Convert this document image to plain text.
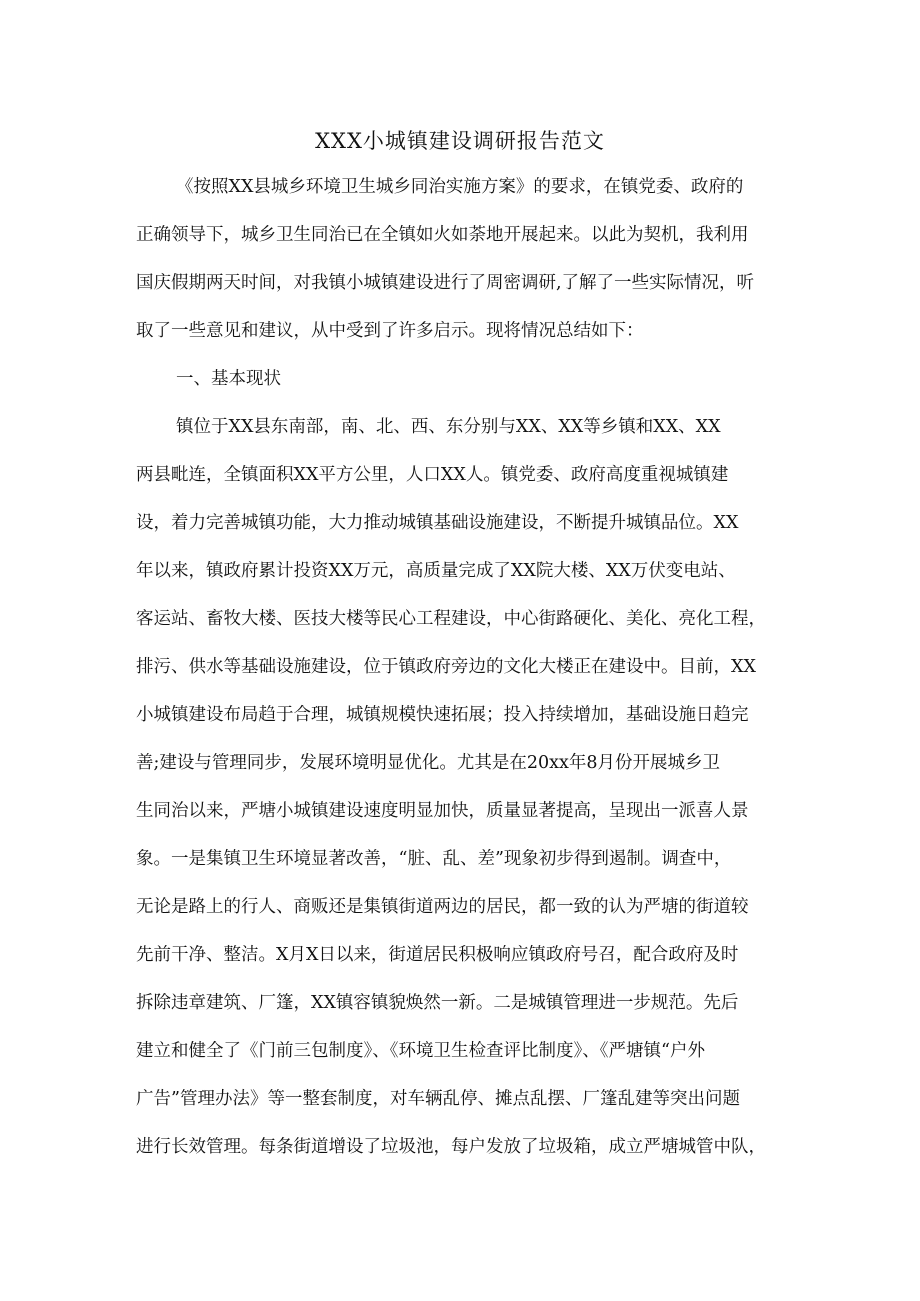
XXX小城镇建设调研报告范文
《按照XX县城乡环境卫生城乡同治实施方案》的要求，在镇党委、政府的
正确领导下，城乡卫生同治已在全镇如火如荼地开展起来。以此为契机，我利用
国庆假期两天时间，对我镇小城镇建设进行了周密调研,了解了一些实际情况，听
取了一些意见和建议，从中受到了许多启示。现将情况总结如下：
一、基本现状
镇位于XX县东南部，南、北、西、东分别与XX、XX等乡镇和XX、XX
两县毗连，全镇面积XX平方公里，人口XX人。镇党委、政府高度重视城镇建
设，着力完善城镇功能，大力推动城镇基础设施建设，不断提升城镇品位。XX
年以来，镇政府累计投资XX万元，高质量完成了XX院大楼、XX万伏变电站、
客运站、畜牧大楼、医技大楼等民心工程建设，中心街路硬化、美化、亮化工程，
排污、供水等基础设施建设，位于镇政府旁边的文化大楼正在建设中。目前，XX
小城镇建设布局趋于合理，城镇规模快速拓展；投入持续增加，基础设施日趋完
善;建设与管理同步，发展环境明显优化。尤其是在20xx年8月份开展城乡卫
生同治以来，严塘小城镇建设速度明显加快，质量显著提高，呈现出一派喜人景
象。一是集镇卫生环境显著改善，“脏、乱、差”现象初步得到遏制。调查中，
无论是路上的行人、商贩还是集镇街道两边的居民，都一致的认为严塘的街道较
先前干净、整洁。X月X日以来，街道居民积极响应镇政府号召，配合政府及时
拆除违章建筑、厂篷，XX镇容镇貌焕然一新。二是城镇管理进一步规范。先后
建立和健全了《门前三包制度》、《环境卫生检查评比制度》、《严塘镇“户外
广告”管理办法》等一整套制度，对车辆乱停、摊点乱摆、厂篷乱建等突出问题
进行长效管理。每条街道增设了垃圾池，每户发放了垃圾箱，成立严塘城管中队，
